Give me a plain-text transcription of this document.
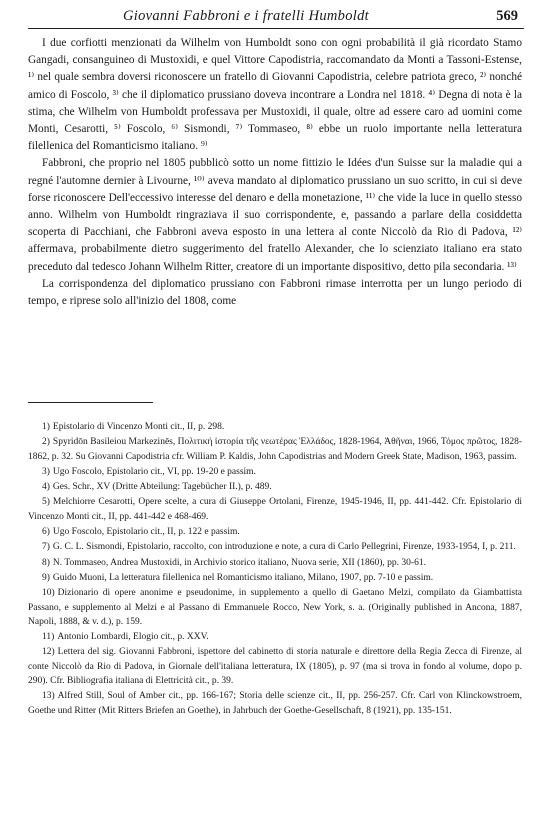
Giovanni Fabbroni e i fratelli Humboldt	569

I due corfiotti menzionati da Wilhelm von Humboldt sono con ogni probabilità il già ricordato Stamo Gangadi, consanguineo di Mustoxidi, e quel Vittore Capodistria, raccomandato da Monti a Tassoni-Estense, ¹⁾ nel quale sembra doversi riconoscere un fratello di Giovanni Capodistria, celebre patriota greco, ²⁾ nonché amico di Foscolo, ³⁾ che il diplomatico prussiano doveva incontrare a Londra nel 1818. ⁴⁾ Degna di nota è la stima, che Wilhelm von Humboldt professava per Mustoxidi, il quale, oltre ad essere caro ad uomini come Monti, Cesarotti, ⁵⁾ Foscolo, ⁶⁾ Sismondi, ⁷⁾ Tommaseo, ⁸⁾ ebbe un ruolo importante nella letteratura filellenica del Romanticismo italiano. ⁹⁾

Fabbroni, che proprio nel 1805 pubblicò sotto un nome fittizio le Idées d'un Suisse sur la maladie qui a regné l'automne dernier à Livourne, ¹⁰⁾ aveva mandato al diplomatico prussiano un suo scritto, in cui si deve forse riconoscere Dell'eccessivo interesse del denaro e della monetazione, ¹¹⁾ che vide la luce in quello stesso anno. Wilhelm von Humboldt ringraziava il suo corrispondente, e, passando a parlare della cosiddetta scoperta di Pacchiani, che Fabbroni aveva esposto in una lettera al conte Niccolò da Rio di Padova, ¹²⁾ affermava, probabilmente dietro suggerimento del fratello Alexander, che lo scienziato italiano era stato preceduto dal tedesco Johann Wilhelm Ritter, creatore di un importante dispositivo, detto pila secondaria. ¹³⁾

La corrispondenza del diplomatico prussiano con Fabbroni rimase interrotta per un lungo periodo di tempo, e riprese solo all'inizio del 1808, come

1) Epistolario di Vincenzo Monti cit., II, p. 298.

2) Spyridōn Basileiou Markezinēs, Πολιτική ἱστορία τῆς νεωτέρας Ἑλλάδος, 1828-1964, Ἀθῆναι, 1966, Τόμος πρῶτος, 1828-1862, p. 32. Su Giovanni Capodistria cfr. William P. Kaldis, John Capodistrias and Modern Greek State, Madison, 1963, passim.

3) Ugo Foscolo, Epistolario cit., VI, pp. 19-20 e passim.

4) Ges. Schr., XV (Dritte Abteilung: Tagebücher II.), p. 489.

5) Melchiorre Cesarotti, Opere scelte, a cura di Giuseppe Ortolani, Firenze, 1945-1946, II, pp. 441-442. Cfr. Epistolario di Vincenzo Monti cit., II, pp. 441-442 e 468-469.

6) Ugo Foscolo, Epistolario cit., II, p. 122 e passim.

7) G. C. L. Sismondi, Epistolario, raccolto, con introduzione e note, a cura di Carlo Pellegrini, Firenze, 1933-1954, I, p. 211.

8) N. Tommaseo, Andrea Mustoxidi, in Archivio storico italiano, Nuova serie, XII (1860), pp. 30-61.

9) Guido Muoni, La letteratura filellenica nel Romanticismo italiano, Milano, 1907, pp. 7-10 e passim.

10) Dizionario di opere anonime e pseudonime, in supplemento a quello di Gaetano Melzi, compilato da Giambattista Passano, e supplemento al Melzi e al Passano di Emmanuele Rocco, New York, s. a. (Originally published in Ancona, 1887, Napoli, 1888, & v. d.), p. 159.

11) Antonio Lombardi, Elogio cit., p. XXV.

12) Lettera del sig. Giovanni Fabbroni, ispettore del cabinetto di storia naturale e direttore della Regia Zecca di Firenze, al conte Niccolò da Rio di Padova, in Giornale dell'italiana letteratura, IX (1805), p. 97 (ma si trova in fondo al volume, dopo p. 290). Cfr. Bibliografia italiana di Elettricità cit., p. 39.

13) Alfred Still, Soul of Amber cit., pp. 166-167; Storia delle scienze cit., II, pp. 256-257. Cfr. Carl von Klinckowstroem, Goethe und Ritter (Mit Ritters Briefen an Goethe), in Jahrbuch der Goethe-Gesellschaft, 8 (1921), pp. 135-151.
